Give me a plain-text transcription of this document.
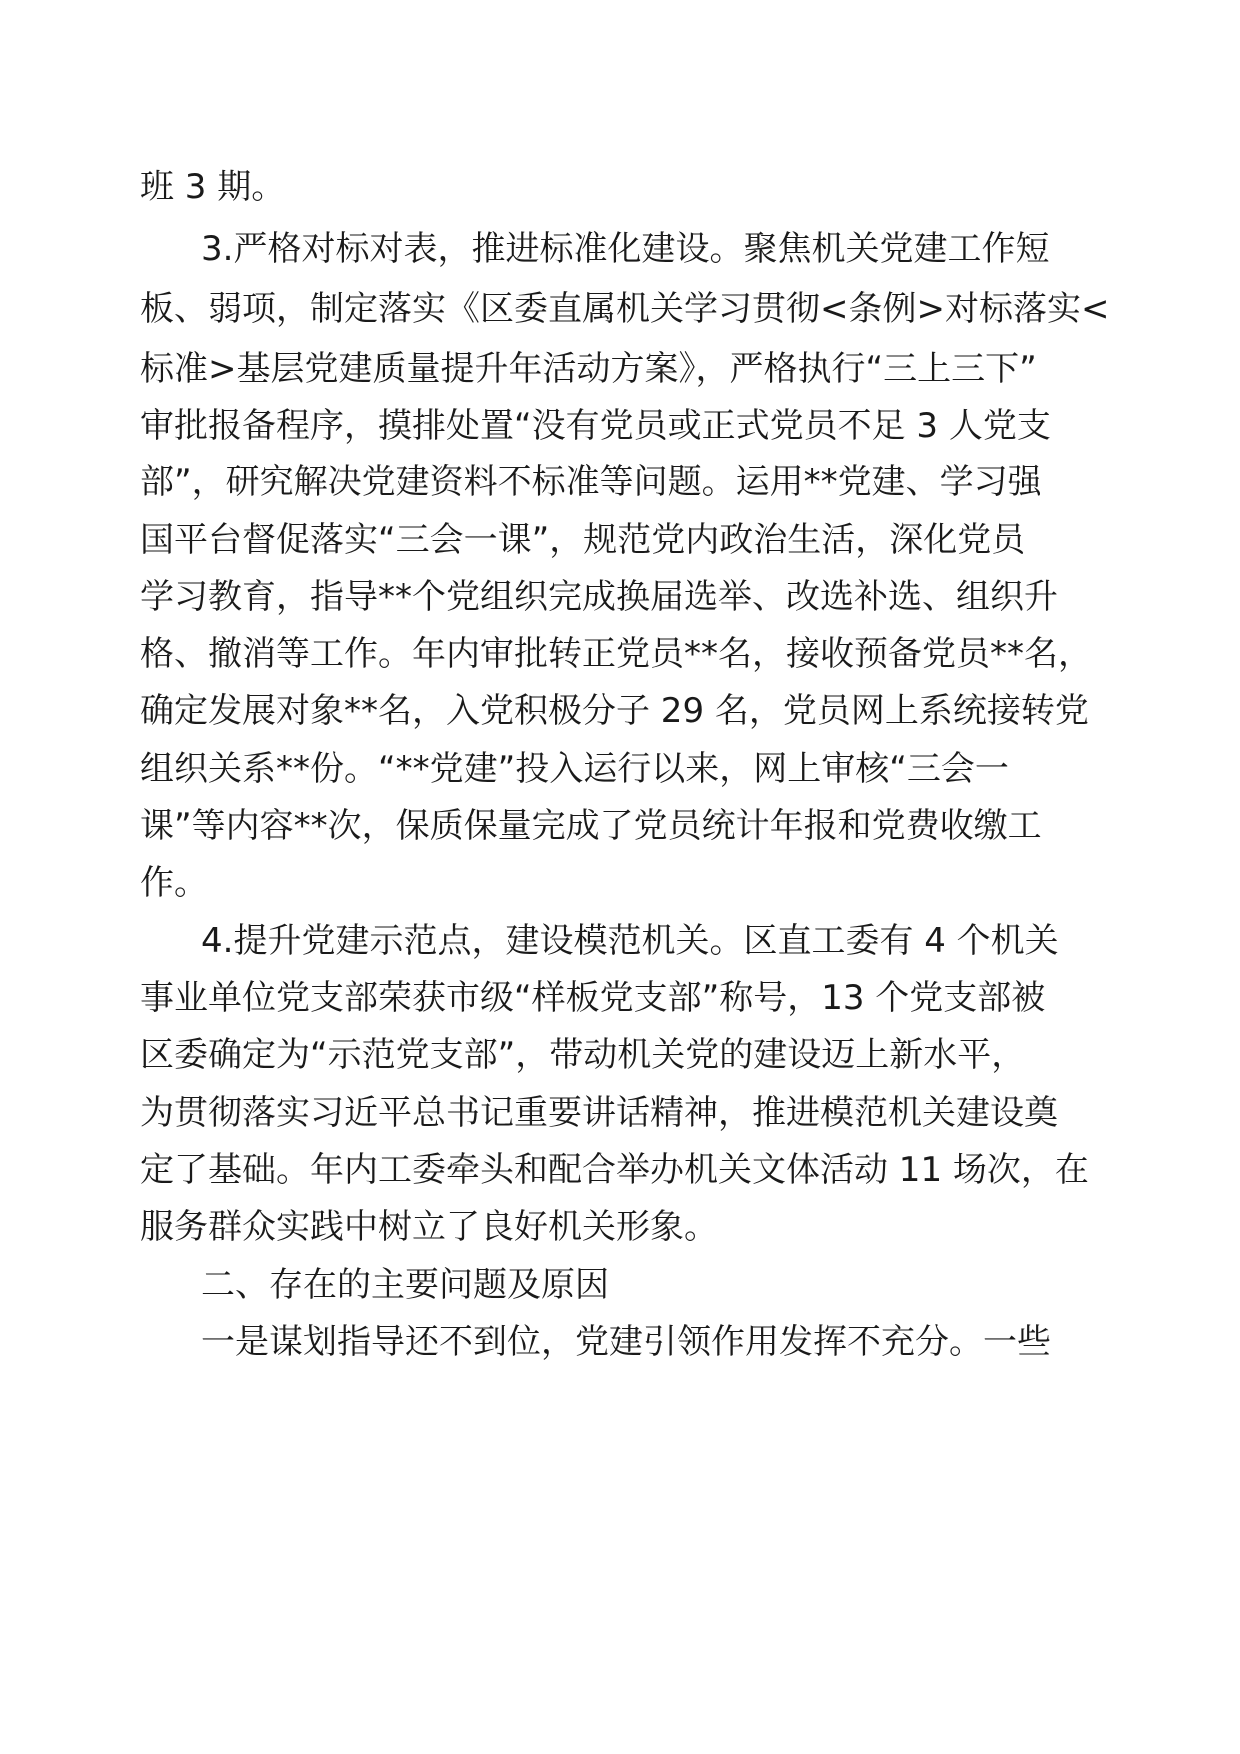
班 3 期。
3.严格对标对表，推进标准化建设。聚焦机关党建工作短
板、弱项，制定落实《区委直属机关学习贯彻<条例>对标落实<
标准>基层党建质量提升年活动方案》，严格执行“三上三下”
审批报备程序，摸排处置“没有党员或正式党员不足 3 人党支
部”，研究解决党建资料不标准等问题。运用**党建、学习强
国平台督促落实“三会一课”，规范党内政治生活，深化党员
学习教育，指导**个党组织完成换届选举、改选补选、组织升
格、撤消等工作。年内审批转正党员**名，接收预备党员**名，
确定发展对象**名，入党积极分子 29 名，党员网上系统接转党
组织关系**份。“**党建”投入运行以来，网上审核“三会一
课”等内容**次，保质保量完成了党员统计年报和党费收缴工
作。
4.提升党建示范点，建设模范机关。区直工委有 4 个机关
事业单位党支部荣获市级“样板党支部”称号，13 个党支部被
区委确定为“示范党支部”，带动机关党的建设迈上新水平，
为贯彻落实习近平总书记重要讲话精神，推进模范机关建设奠
定了基础。年内工委牵头和配合举办机关文体活动 11 场次，在
服务群众实践中树立了良好机关形象。
二、存在的主要问题及原因
一是谋划指导还不到位，党建引领作用发挥不充分。一些
